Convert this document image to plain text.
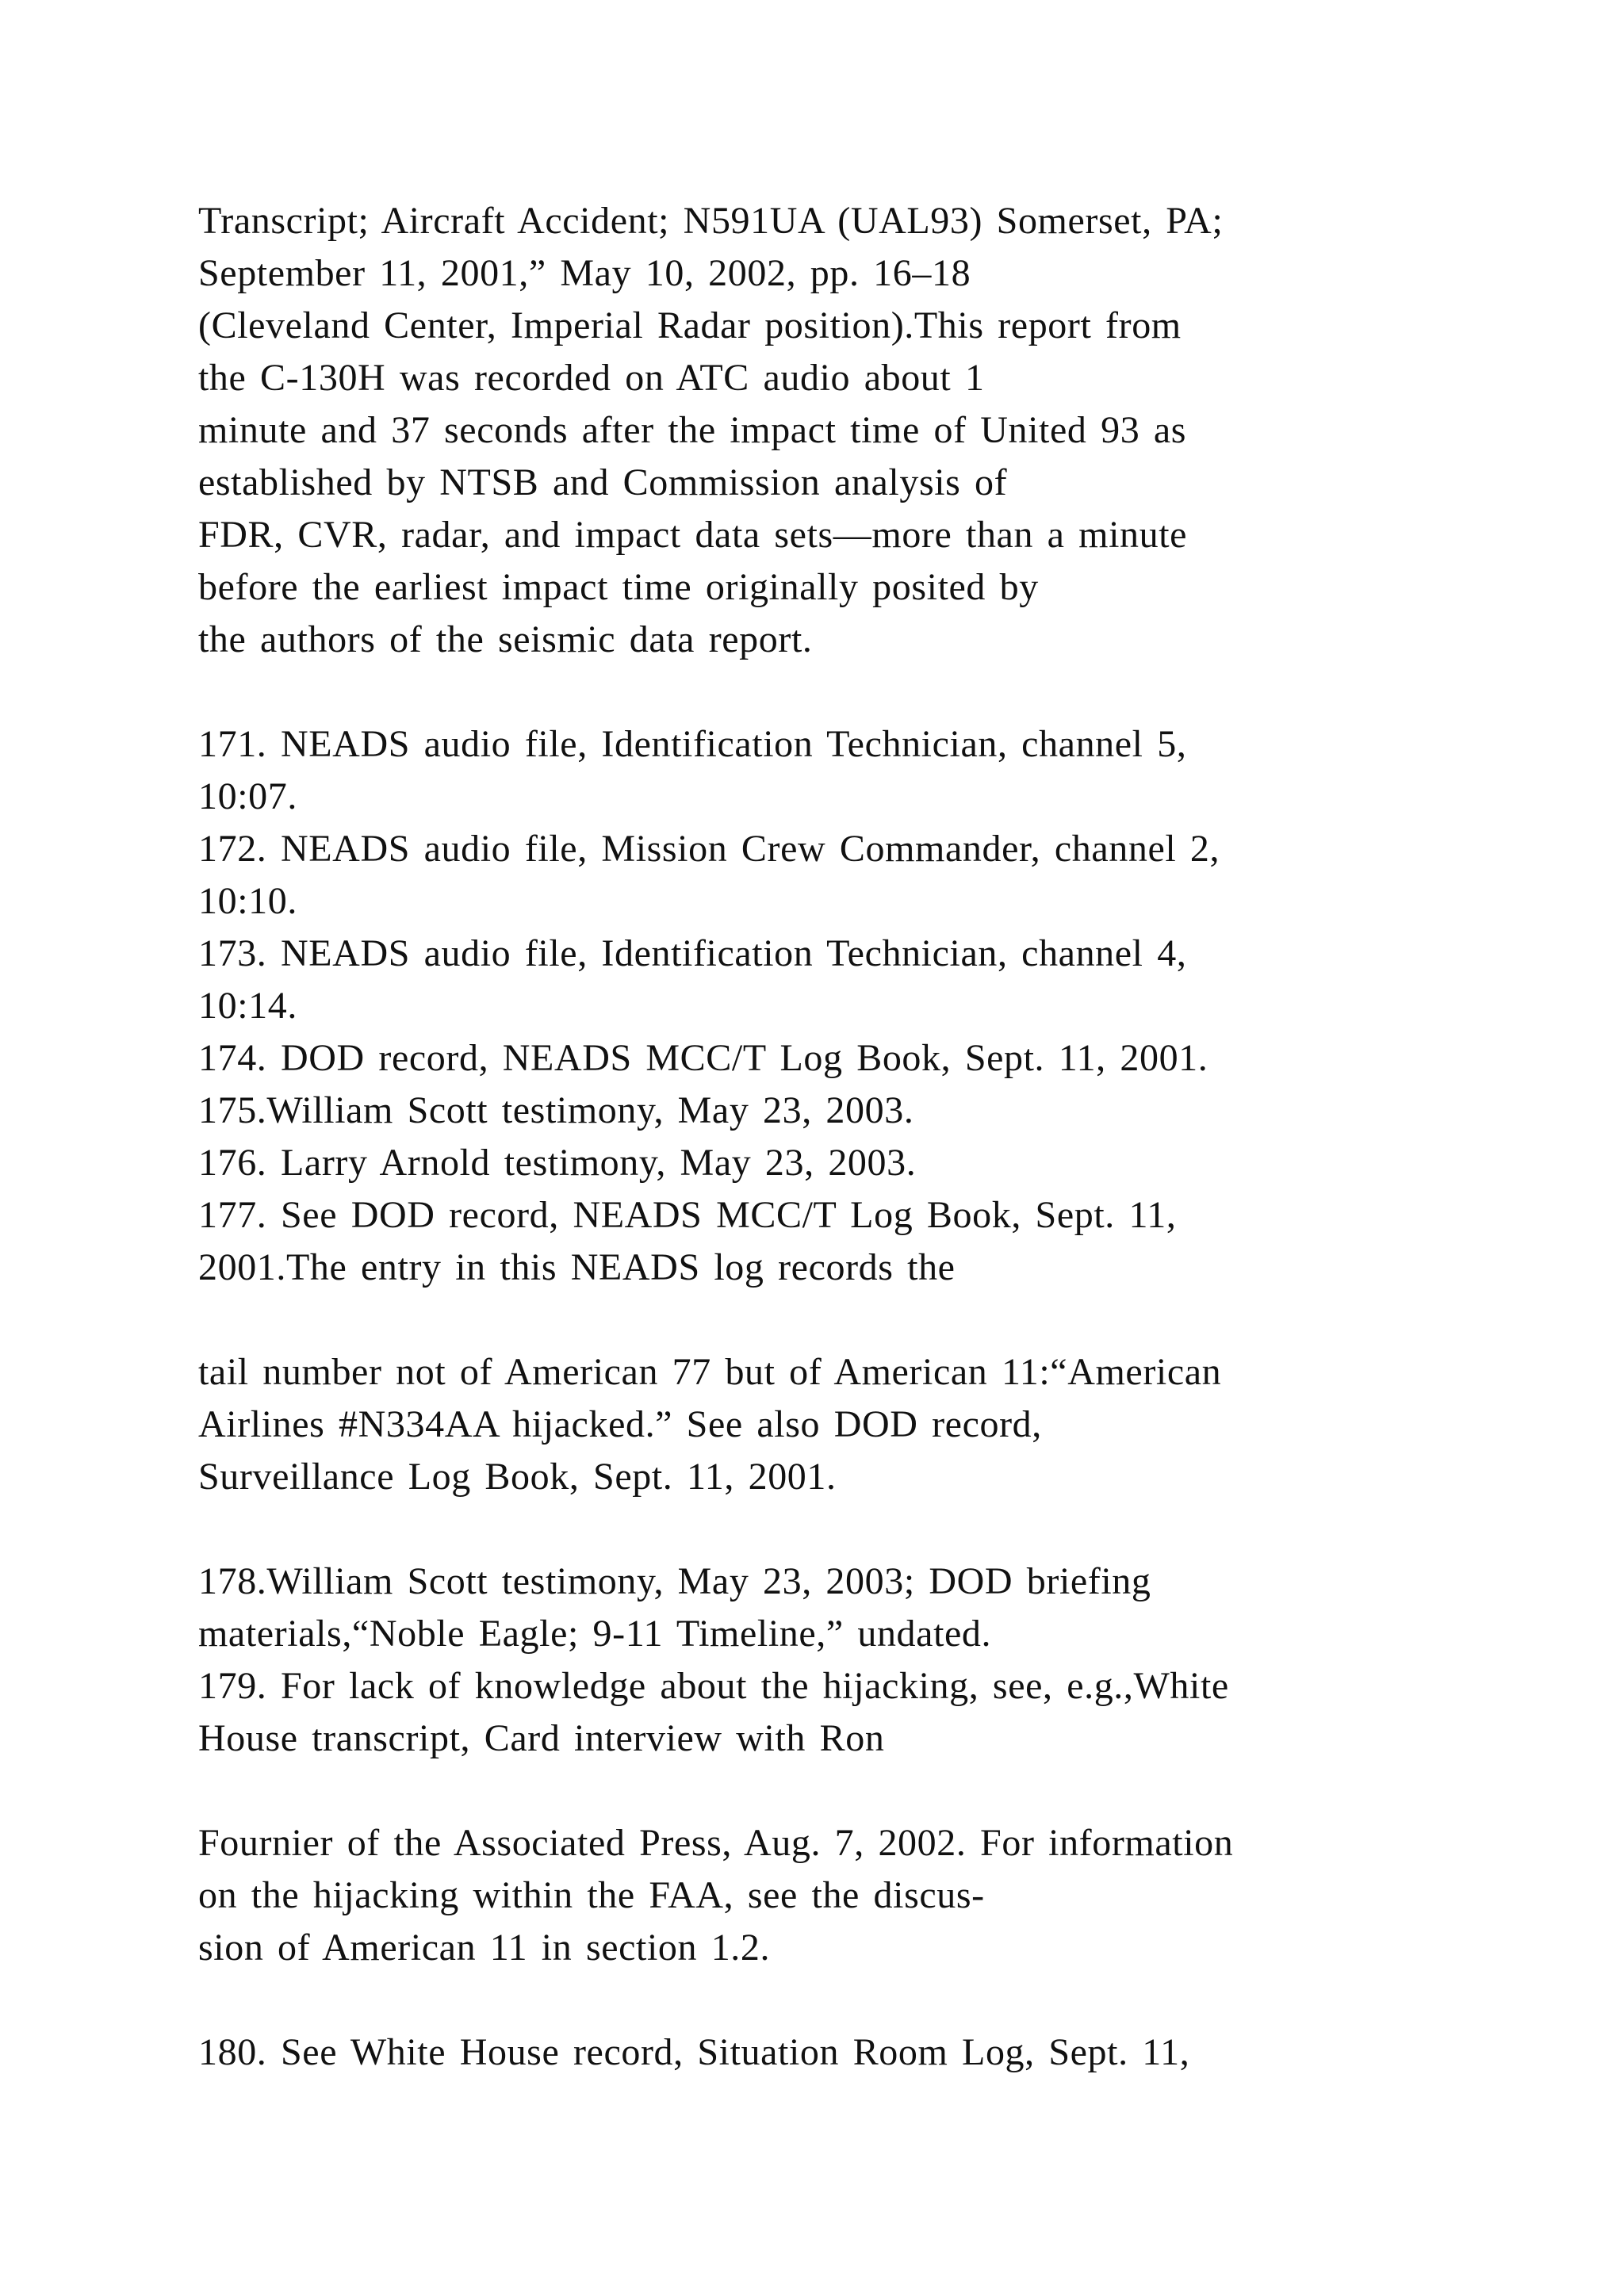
Transcript; Aircraft Accident; N591UA (UAL93) Somerset, PA;
September 11, 2001,” May 10, 2002, pp. 16–18
(Cleveland Center, Imperial Radar position).This report from
the C-130H was recorded on ATC audio about 1
minute and 37 seconds after the impact time of United 93 as
established by NTSB and Commission analysis of
FDR, CVR, radar, and impact data sets—more than a minute
before the earliest impact time originally posited by
the authors of the seismic data report.
171. NEADS audio file, Identification Technician, channel 5,
10:07.
172. NEADS audio file, Mission Crew Commander, channel 2,
10:10.
173. NEADS audio file, Identification Technician, channel 4,
10:14.
174. DOD record, NEADS MCC/T Log Book, Sept. 11, 2001.
175.William Scott testimony, May 23, 2003.
176. Larry Arnold testimony, May 23, 2003.
177. See DOD record, NEADS MCC/T Log Book, Sept. 11,
2001.The entry in this NEADS log records the
tail number not of American 77 but of American 11:“American
Airlines #N334AA hijacked.” See also DOD record,
Surveillance Log Book, Sept. 11, 2001.
178.William Scott testimony, May 23, 2003; DOD briefing
materials,“Noble Eagle; 9-11 Timeline,” undated.
179. For lack of knowledge about the hijacking, see, e.g.,White
House transcript, Card interview with Ron
Fournier of the Associated Press, Aug. 7, 2002. For information
on the hijacking within the FAA, see the discus-
sion of American 11 in section 1.2.
180. See White House record, Situation Room Log, Sept. 11,
